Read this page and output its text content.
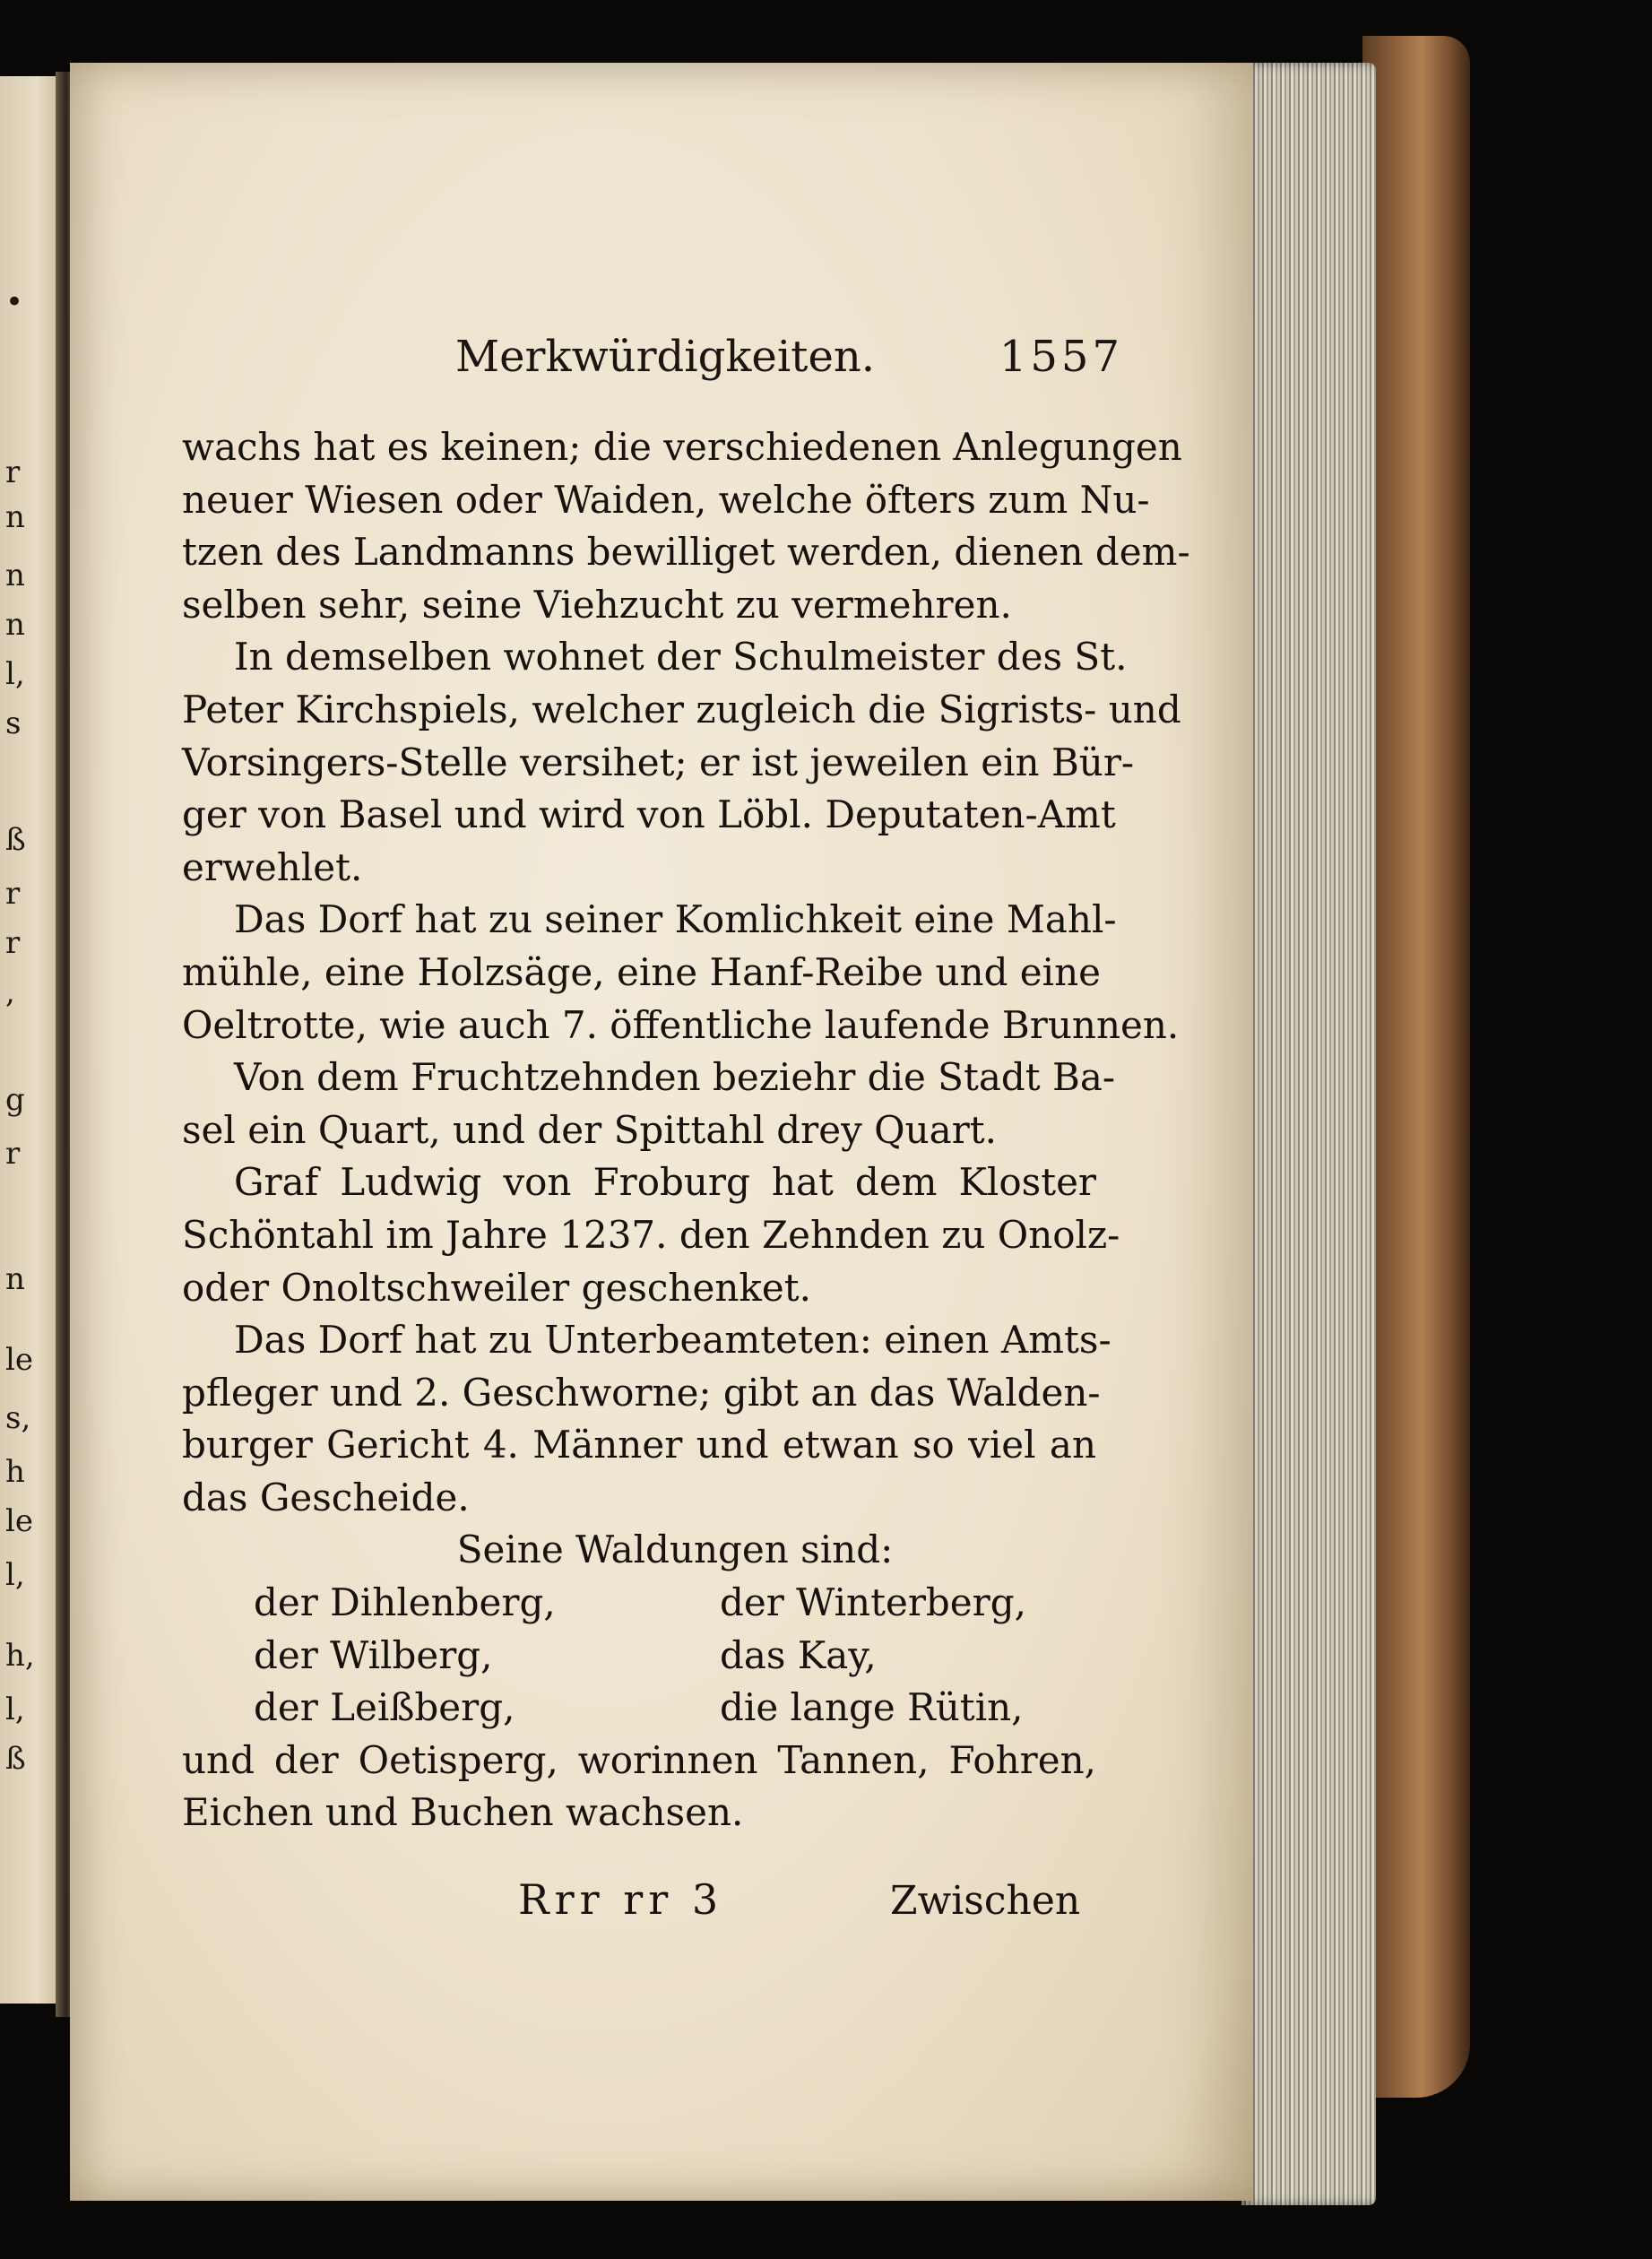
•
r
n
n
n
l,
s
ß
r
r
,
g
r
n
le
s,
h
le
l,
h,
l,
ß
Merkwürdigkeiten.	1557
wachs hat es keinen; die verschiedenen Anlegungen
neuer Wiesen oder Waiden, welche öfters zum Nu-
tzen des Landmanns bewilliget werden, dienen dem-
selben sehr, seine Viehzucht zu vermehren.
In demselben wohnet der Schulmeister des St.
Peter Kirchspiels, welcher zugleich die Sigrists- und
Vorsingers-Stelle versihet; er ist jeweilen ein Bür-
ger von Basel und wird von Löbl. Deputaten-Amt
erwehlet.
Das Dorf hat zu seiner Komlichkeit eine Mahl-
mühle, eine Holzsäge, eine Hanf-Reibe und eine
Oeltrotte, wie auch 7. öffentliche laufende Brunnen.
Von dem Fruchtzehnden beziehr die Stadt Ba-
sel ein Quart, und der Spittahl drey Quart.
Graf Ludwig von Froburg hat dem Kloster
Schöntahl im Jahre 1237. den Zehnden zu Onolz-
oder Onoltschweiler geschenket.
Das Dorf hat zu Unterbeamteten: einen Amts-
pfleger und 2. Geschworne; gibt an das Walden-
burger Gericht 4. Männer und etwan so viel an
das Gescheide.
Seine Waldungen sind:
der Dihlenberg,	der Winterberg,
der Wilberg,	das Kay,
der Leißberg,	die lange Rütin,
und der Oetisperg, worinnen Tannen, Fohren,
Eichen und Buchen wachsen.
Rrr rr 3	Zwischen
